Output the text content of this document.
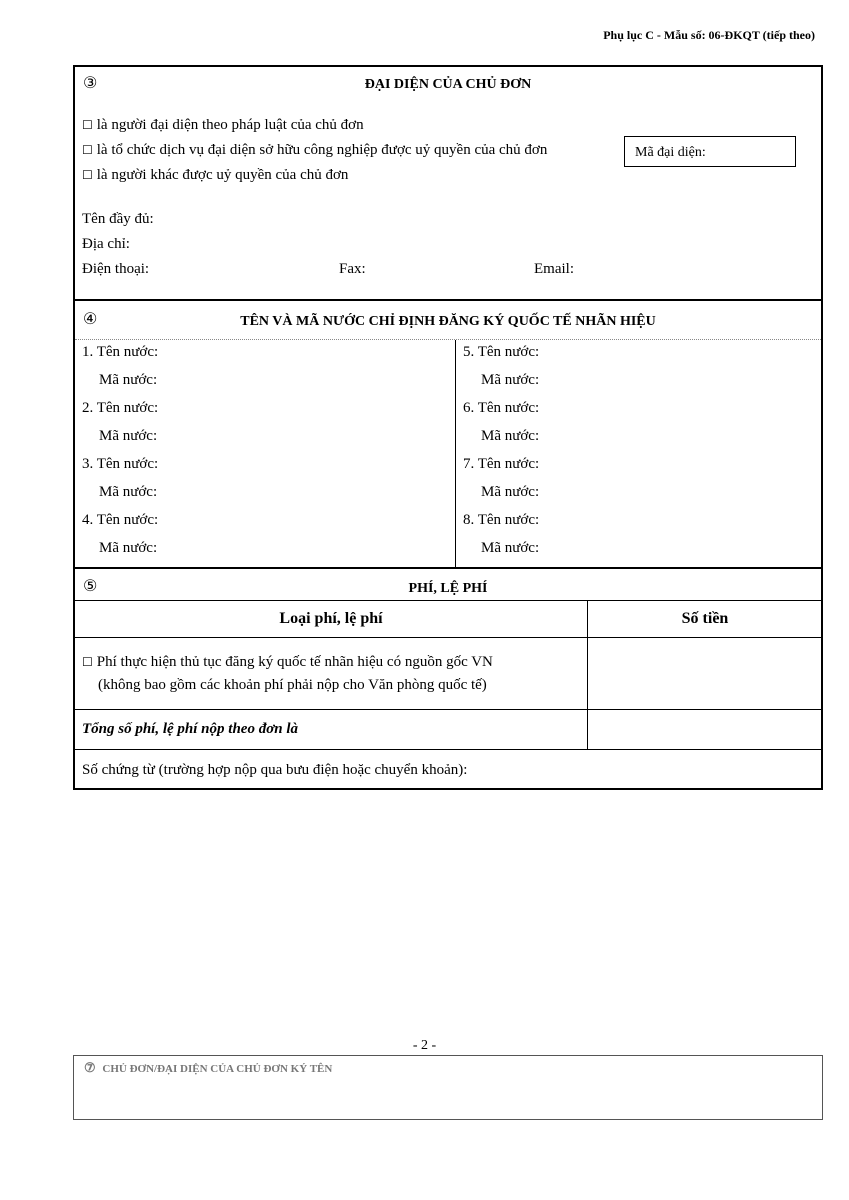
Phụ lục C - Mẫu số: 06-ĐKQT (tiếp theo)
③	ĐẠI DIỆN CỦA CHỦ ĐƠN
☐ là người đại diện theo pháp luật của chủ đơn
☐ là tổ chức dịch vụ đại diện sở hữu công nghiệp được uỷ quyền của chủ đơn
☐ là người khác được uỷ quyền của chủ đơn
Mã đại diện:
Tên đầy đủ:
Địa chỉ:
Điện thoại:	Fax:	Email:
④	TÊN VÀ MÃ NƯỚC CHỈ ĐỊNH ĐĂNG KÝ QUỐC TẾ NHÃN HIỆU
1. Tên nước:
Mã nước:
2. Tên nước:
Mã nước:
3. Tên nước:
Mã nước:
4. Tên nước:
Mã nước:
5. Tên nước:
Mã nước:
6. Tên nước:
Mã nước:
7. Tên nước:
Mã nước:
8. Tên nước:
Mã nước:
⑤	PHÍ, LỆ PHÍ
Loại phí, lệ phí	Số tiền
☐ Phí thực hiện thủ tục đăng ký quốc tế nhãn hiệu có nguồn gốc VN
(không bao gồm các khoản phí phải nộp cho Văn phòng quốc tế)
Tổng số phí, lệ phí nộp theo đơn là
Số chứng từ (trường hợp nộp qua bưu điện hoặc chuyển khoản):
- 2 -
⑦ CHỦ ĐƠN/ĐẠI DIỆN CỦA CHỦ ĐƠN KÝ TÊN
